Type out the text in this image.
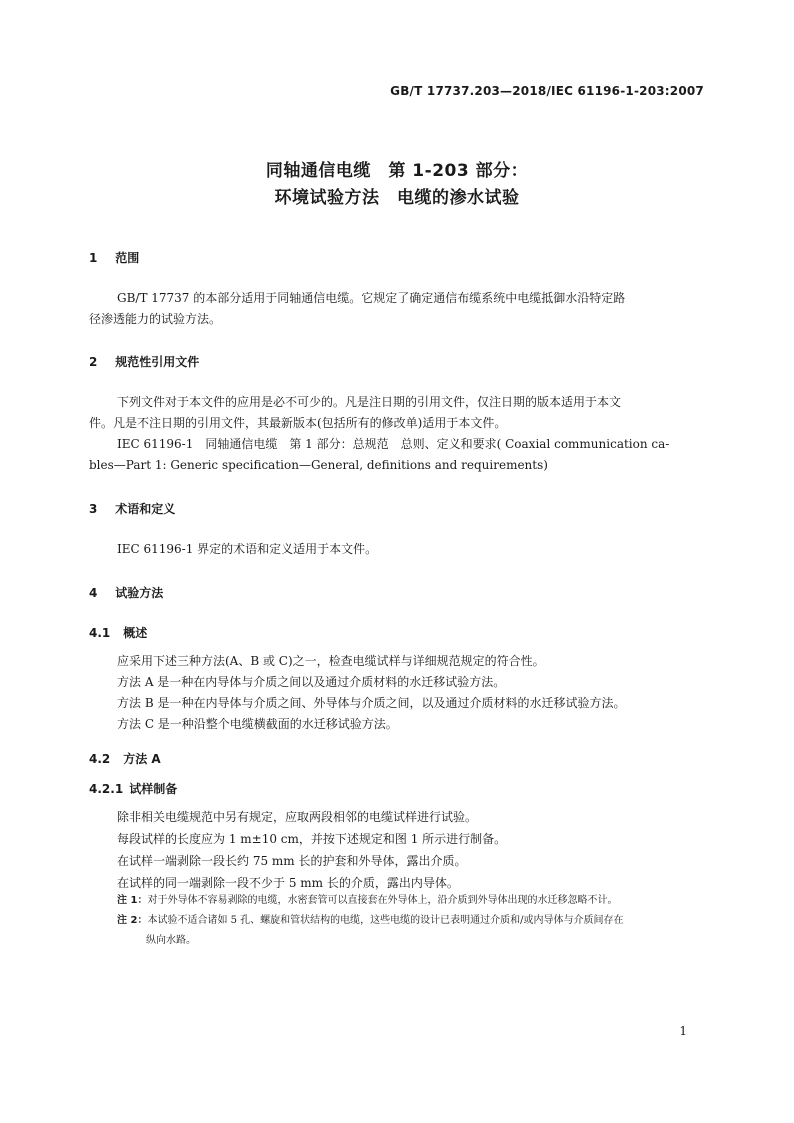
GB/T 17737.203—2018/IEC 61196-1-203:2007
同轴通信电缆　第 1-203 部分：
环境试验方法　电缆的渗水试验
1 范围
GB/T 17737 的本部分适用于同轴通信电缆。它规定了确定通信布缆系统中电缆抵御水沿特定路
径渗透能力的试验方法。
2 规范性引用文件
下列文件对于本文件的应用是必不可少的。凡是注日期的引用文件，仅注日期的版本适用于本文
件。凡是不注日期的引用文件，其最新版本(包括所有的修改单)适用于本文件。
IEC 61196-1　同轴通信电缆　第 1 部分：总规范　总则、定义和要求( Coaxial communication ca-
bles—Part 1: Generic specification—General, definitions and requirements)
3 术语和定义
IEC 61196-1 界定的术语和定义适用于本文件。
4 试验方法
4.1 概述
应采用下述三种方法(A、B 或 C)之一，检查电缆试样与详细规范规定的符合性。
方法 A 是一种在内导体与介质之间以及通过介质材料的水迁移试验方法。
方法 B 是一种在内导体与介质之间、外导体与介质之间，以及通过介质材料的水迁移试验方法。
方法 C 是一种沿整个电缆横截面的水迁移试验方法。
4.2 方法 A
4.2.1 试样制备
除非相关电缆规范中另有规定，应取两段相邻的电缆试样进行试验。
每段试样的长度应为 1 m±10 cm，并按下述规定和图 1 所示进行制备。
在试样一端剥除一段长约 75 mm 长的护套和外导体，露出介质。
在试样的同一端剥除一段不少于 5 mm 长的介质，露出内导体。
注 1：对于外导体不容易剥除的电缆，水密套管可以直接套在外导体上，沿介质到外导体出现的水迁移忽略不计。
注 2：本试验不适合诸如 5 孔、螺旋和管状结构的电缆，这些电缆的设计已表明通过介质和/或内导体与介质间存在
纵向水路。
1
